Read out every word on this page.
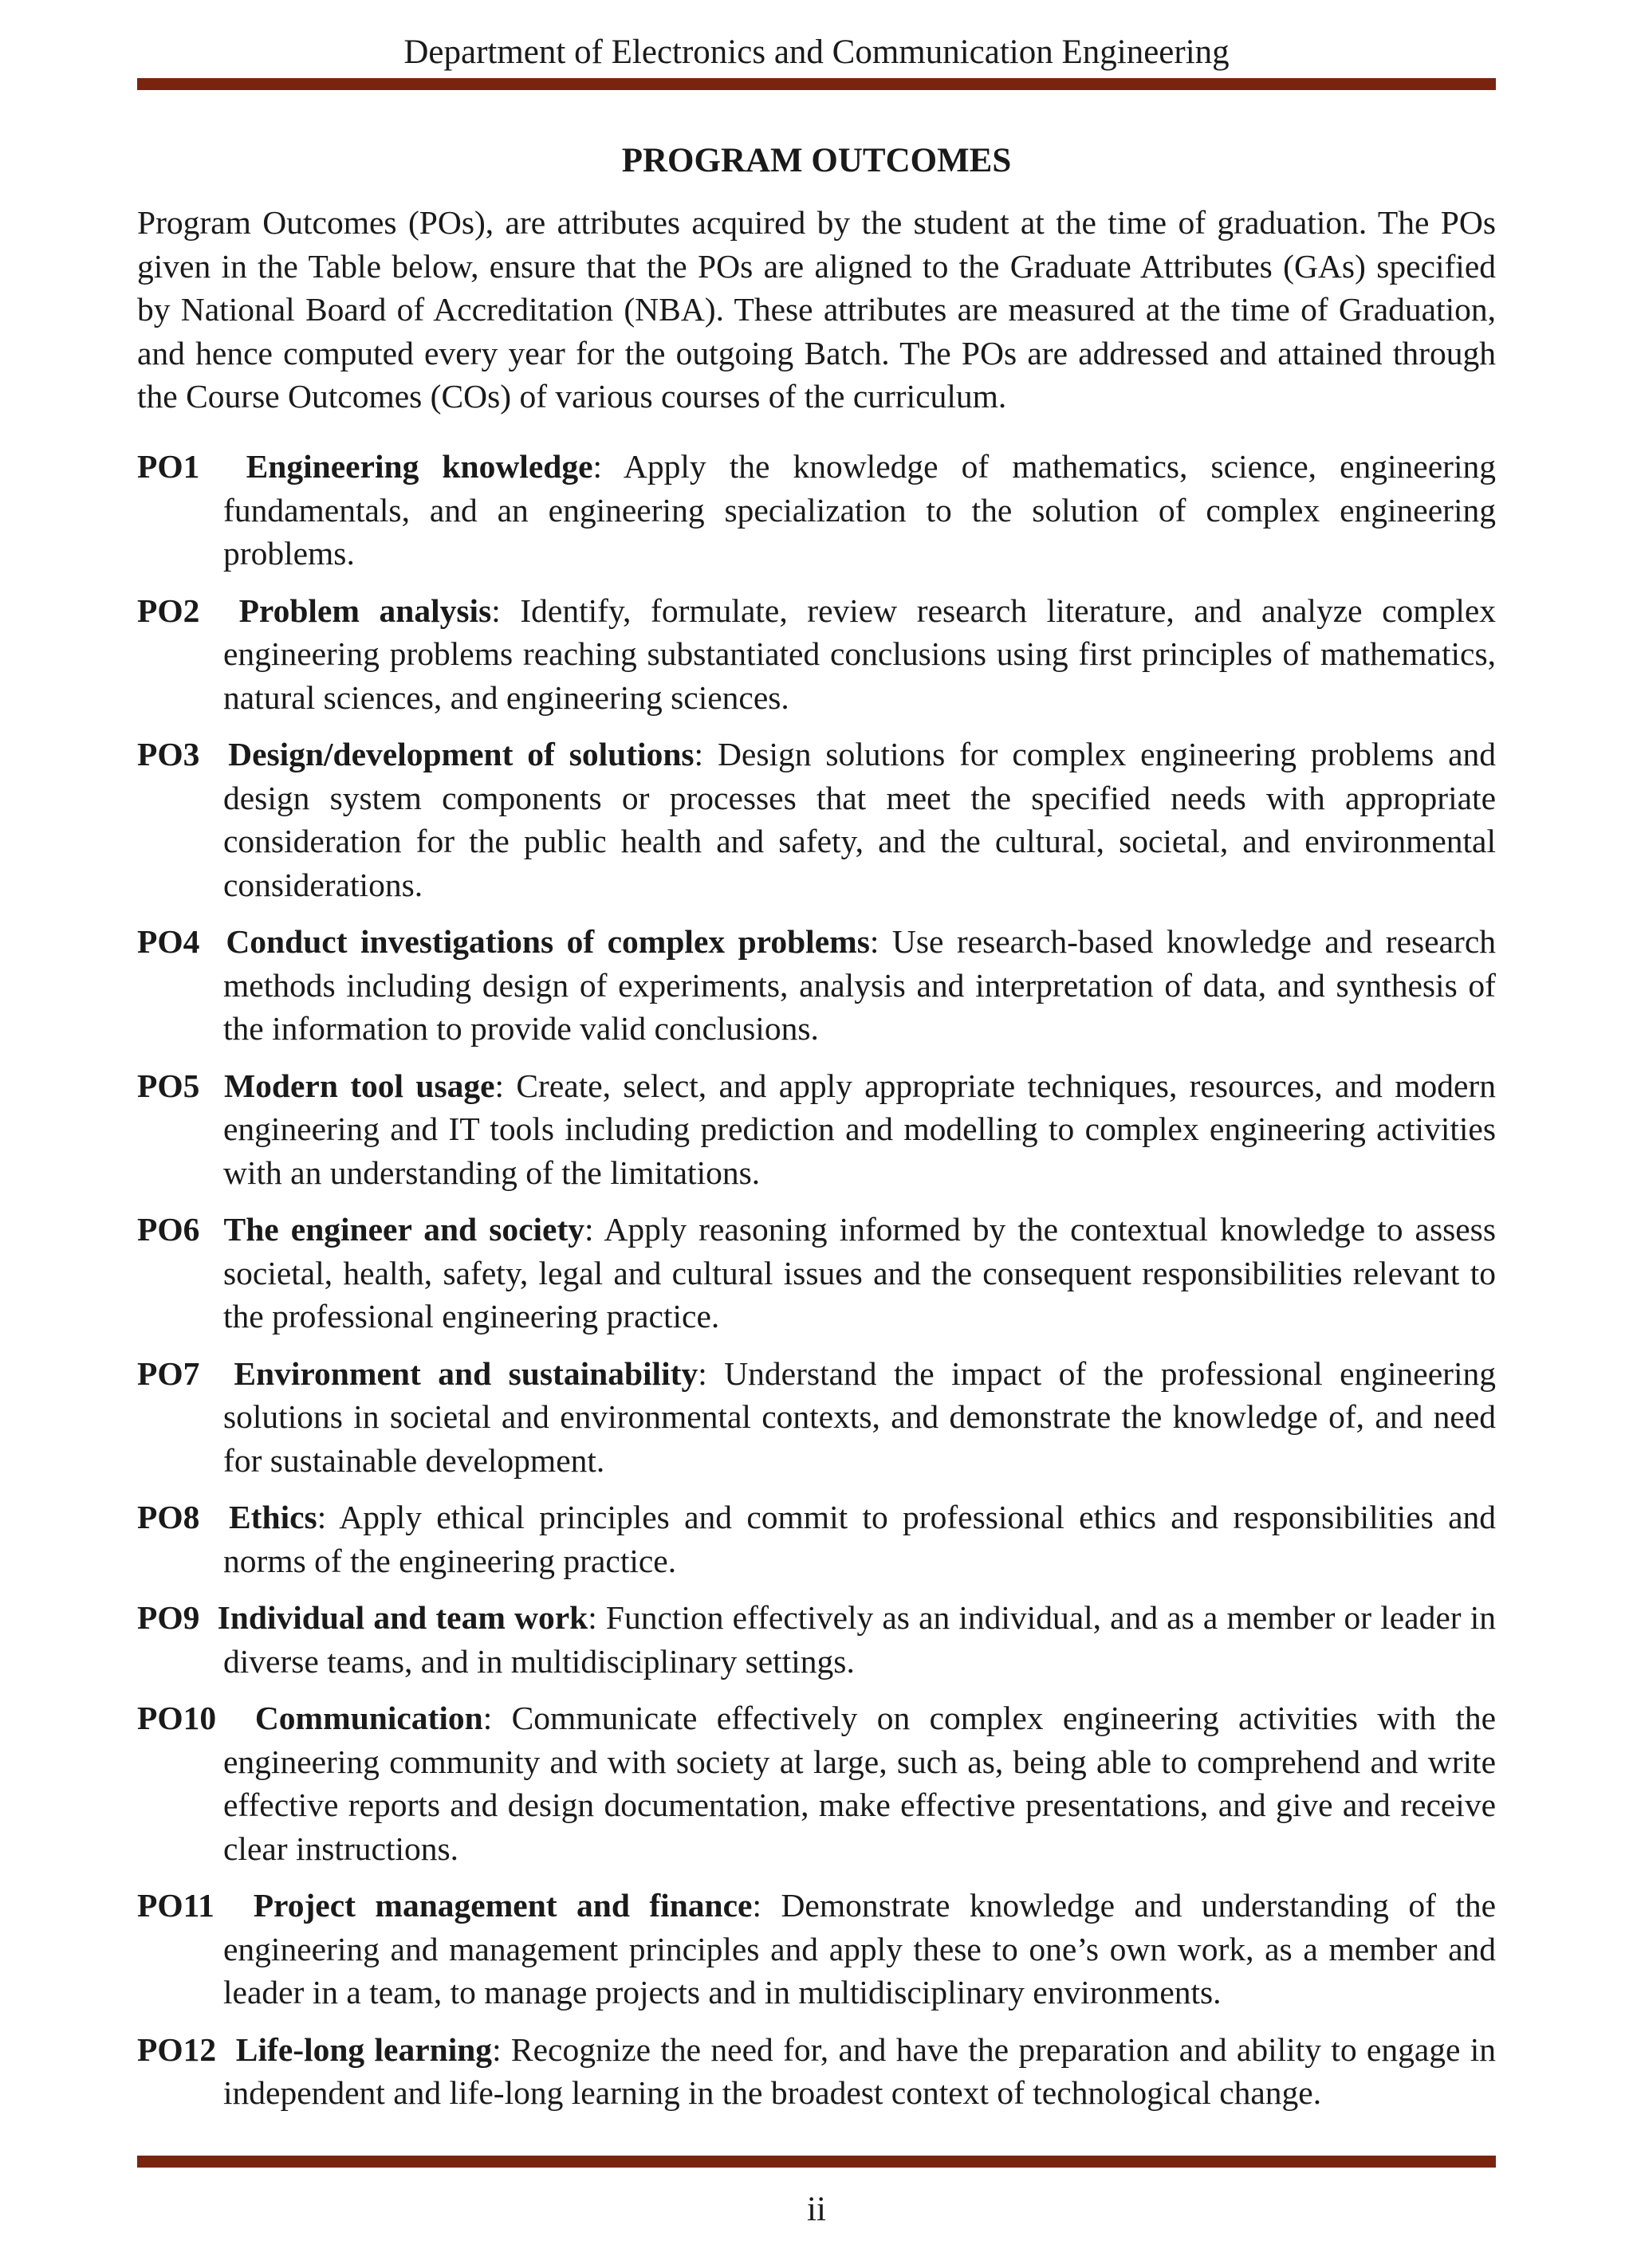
Department of Electronics and Communication Engineering
PROGRAM OUTCOMES

Program Outcomes (POs), are attributes acquired by the student at the time of graduation. The POs given in the Table below, ensure that the POs are aligned to the Graduate Attributes (GAs) specified by National Board of Accreditation (NBA). These attributes are measured at the time of Graduation, and hence computed every year for the outgoing Batch. The POs are addressed and attained through the Course Outcomes (COs) of various courses of the curriculum.

PO1 Engineering knowledge: Apply the knowledge of mathematics, science, engineering fundamentals, and an engineering specialization to the solution of complex engineering problems.
PO2 Problem analysis: Identify, formulate, review research literature, and analyze complex engineering problems reaching substantiated conclusions using first principles of mathematics, natural sciences, and engineering sciences.
PO3 Design/development of solutions: Design solutions for complex engineering problems and design system components or processes that meet the specified needs with appropriate consideration for the public health and safety, and the cultural, societal, and environmental considerations.
PO4 Conduct investigations of complex problems: Use research-based knowledge and research methods including design of experiments, analysis and interpretation of data, and synthesis of the information to provide valid conclusions.
PO5 Modern tool usage: Create, select, and apply appropriate techniques, resources, and modern engineering and IT tools including prediction and modelling to complex engineering activities with an understanding of the limitations.
PO6 The engineer and society: Apply reasoning informed by the contextual knowledge to assess societal, health, safety, legal and cultural issues and the consequent responsibilities relevant to the professional engineering practice.
PO7 Environment and sustainability: Understand the impact of the professional engineering solutions in societal and environmental contexts, and demonstrate the knowledge of, and need for sustainable development.
PO8 Ethics: Apply ethical principles and commit to professional ethics and responsibilities and norms of the engineering practice.
PO9 Individual and team work: Function effectively as an individual, and as a member or leader in diverse teams, and in multidisciplinary settings.
PO10 Communication: Communicate effectively on complex engineering activities with the engineering community and with society at large, such as, being able to comprehend and write effective reports and design documentation, make effective presentations, and give and receive clear instructions.
PO11 Project management and finance: Demonstrate knowledge and understanding of the engineering and management principles and apply these to one’s own work, as a member and leader in a team, to manage projects and in multidisciplinary environments.
PO12 Life-long learning: Recognize the need for, and have the preparation and ability to engage in independent and life-long learning in the broadest context of technological change.
ii
